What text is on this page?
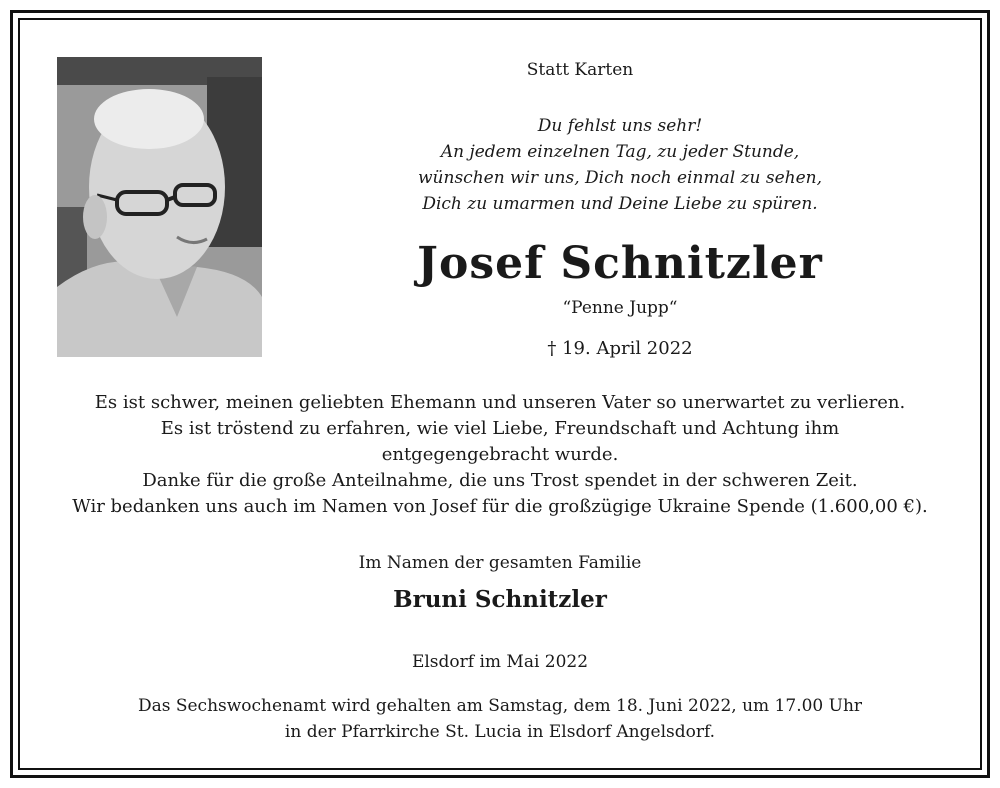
Statt Karten
Du fehlst uns sehr!
An jedem einzelnen Tag, zu jeder Stunde,
wünschen wir uns, Dich noch einmal zu sehen,
Dich zu umarmen und Deine Liebe zu spüren.
Josef Schnitzler
“Penne Jupp“
† 19. April 2022
Es ist schwer, meinen geliebten Ehemann und unseren Vater so unerwartet zu verlieren.
Es ist tröstend zu erfahren, wie viel Liebe, Freundschaft und Achtung ihm
entgegengebracht wurde.
Danke für die große Anteilnahme, die uns Trost spendet in der schweren Zeit.
Wir bedanken uns auch im Namen von Josef für die großzügige Ukraine Spende (1.600,00 €).
Im Namen der gesamten Familie
Bruni Schnitzler
Elsdorf im Mai 2022
Das Sechswochenamt wird gehalten am Samstag, dem 18. Juni 2022, um 17.00 Uhr
in der Pfarrkirche St. Lucia in Elsdorf Angelsdorf.
